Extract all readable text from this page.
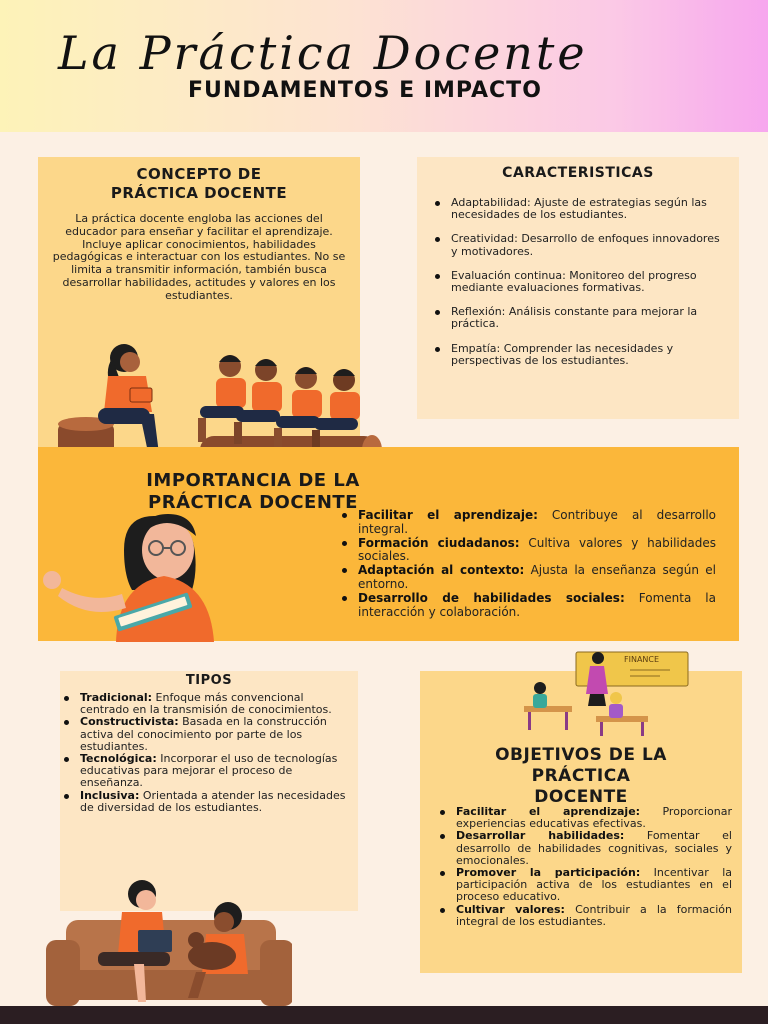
La Práctica Docente
FUNDAMENTOS E IMPACTO
CONCEPTO DE
PRÁCTICA DOCENTE

La práctica docente engloba las acciones del educador para enseñar y facilitar el aprendizaje. Incluye aplicar conocimientos, habilidades pedagógicas e interactuar con los estudiantes. No se limita a transmitir información, también busca desarrollar habilidades, actitudes y valores en los estudiantes.

CARACTERISTICAS
Adaptabilidad: Ajuste de estrategias según las necesidades de los estudiantes.
Creatividad: Desarrollo de enfoques innovadores y motivadores.
Evaluación continua: Monitoreo del progreso mediante evaluaciones formativas.
Reflexión: Análisis constante para mejorar la práctica.
Empatía: Comprender las necesidades y perspectivas de los estudiantes.
IMPORTANCIA DE LA
PRÁCTICA DOCENTE
Facilitar el aprendizaje: Contribuye al desarrollo integral.
Formación ciudadanos: Cultiva valores y habilidades sociales.
Adaptación al contexto: Ajusta la enseñanza según el entorno.
Desarrollo de habilidades sociales: Fomenta la interacción y colaboración.
TIPOS
Tradicional: Enfoque más convencional centrado en la transmisión de conocimientos.
Constructivista: Basada en la construcción activa del conocimiento por parte de los estudiantes.
Tecnológica: Incorporar el uso de tecnologías educativas para mejorar el proceso de enseñanza.
Inclusiva: Orientada a atender las necesidades de diversidad de los estudiantes.
FINANCE
OBJETIVOS DE LA
PRÁCTICA
DOCENTE
Facilitar el aprendizaje: Proporcionar experiencias educativas efectivas.
Desarrollar habilidades: Fomentar el desarrollo de habilidades cognitivas, sociales y emocionales.
Promover la participación: Incentivar la participación activa de los estudiantes en el proceso educativo.
Cultivar valores: Contribuir a la formación integral de los estudiantes.
